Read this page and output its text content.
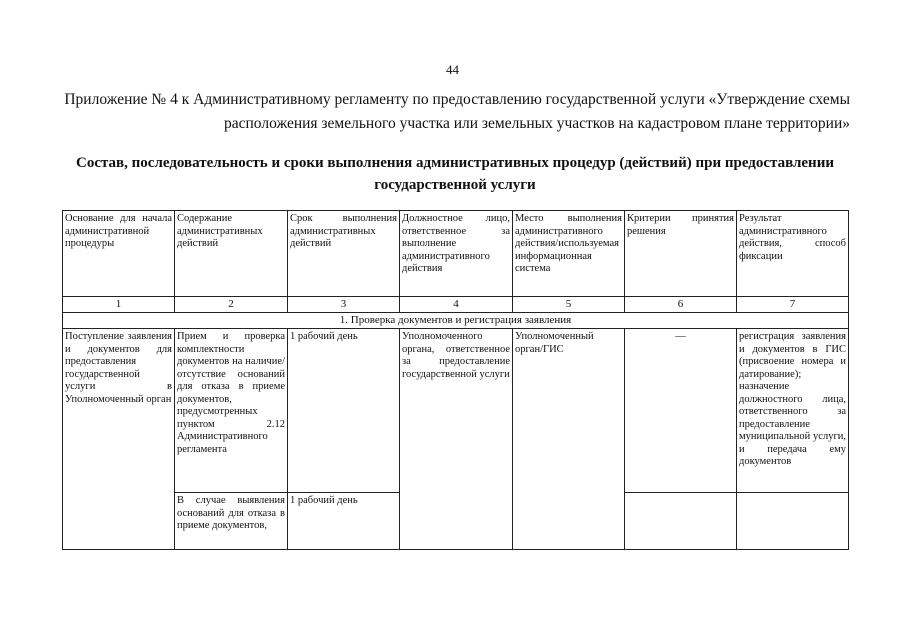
44
Приложение № 4 к Административному регламенту по предоставлению государственной услуги «Утверждение схемы
расположения земельного участка или земельных участков на кадастровом плане территории»
Состав, последовательность и сроки выполнения административных процедур (действий) при предоставлении
государственной услуги
Основание для начала административной процедуры	Содержание административных действий	Срок выполнения административных действий	Должностное лицо, ответственное за выполнение административного действия	Место выполнения административного действия/используемая информационная система	Критерии принятия решения	Результат административного действия, способ фиксации
1	2	3	4	5	6	7
1. Проверка документов и регистрация заявления						
Поступление заявления и документов для предоставления государственной услуги в Уполномоченный орган	Прием и проверка комплектности документов на наличие/отсутствие оснований для отказа в приеме документов, предусмотренных пунктом 2.12 Административного регламента	1 рабочий день	Уполномоченного органа, ответственное за предоставление государственной услуги	Уполномоченный орган/ГИС	—	регистрация заявления и документов в ГИС (присвоение номера и датирование); назначение должностного лица, ответственного за предоставление муниципальной услуги, и передача ему документов
	В случае выявления оснований для отказа в приеме документов,	1 рабочий день				
